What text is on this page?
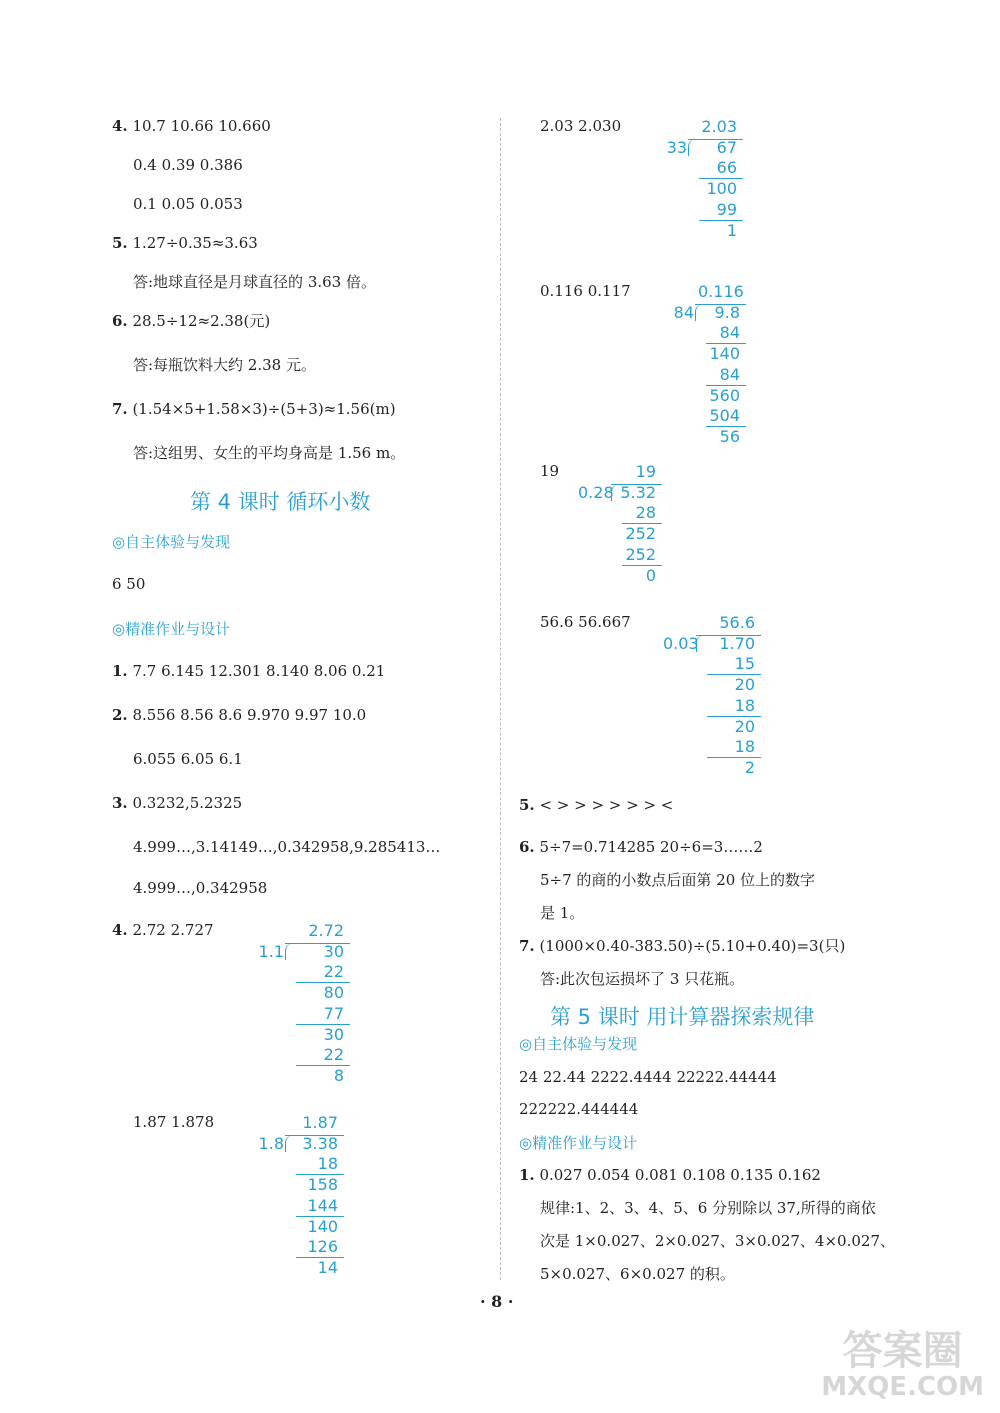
4. 10.7 10.66 10.660
0.4 0.39 0.386
0.1 0.05 0.053
5. 1.27÷0.35≈3.63
答:地球直径是月球直径的 3.63 倍。
6. 28.5÷12≈2.38(元)
答:每瓶饮料大约 2.38 元。
7. (1.54×5+1.58×3)÷(5+3)≈1.56(m)
答:这组男、女生的平均身高是 1.56 m。
6 50
1. 7.7 6.145 12.301 8.140 8.06 0.21
2. 8.556 8.56 8.6 9.970 9.97 10.0
6.055 6.05 6.1
3. 0.3232,5.2325
4.999…,3.14149…,0.342958,9.285413…
4.999…,0.342958
4. 2.72 2.727
1.87 1.878
2.03 2.030
0.116 0.117
19
56.6 56.667
5. < > > > > > > <
6. 5÷7=0.714285 20÷6=3……2
5÷7 的商的小数点后面第 20 位上的数字
是 1。
7. (1000×0.40-383.50)÷(5.10+0.40)=3(只)
答:此次包运损坏了 3 只花瓶。
24 22.44 2222.4444 22222.44444
222222.444444
1. 0.027 0.054 0.081 0.108 0.135 0.162
规律:1、2、3、4、5、6 分别除以 37,所得的商依
次是 1×0.027、2×0.027、3×0.027、4×0.027、
5×0.027、6×0.027 的积。
第 4 课时 循环小数
◎自主体验与发现
◎精准作业与设计
第 5 课时 用计算器探索规律
◎自主体验与发现
◎精准作业与设计
2.72
1.1	30
22
80
77
30
22
8
1.87
1.8	3.38
18
158
144
140
126
14
2.03
33	67
66
100
99
1
0.116
84	9.8
84
140
84
560
504
56
19
0.28 5.32
28
252
252
0
56.6
0.03	1.70
15
20
18
20
18
2
· 8 ·
答案圈
MXQE.COM
